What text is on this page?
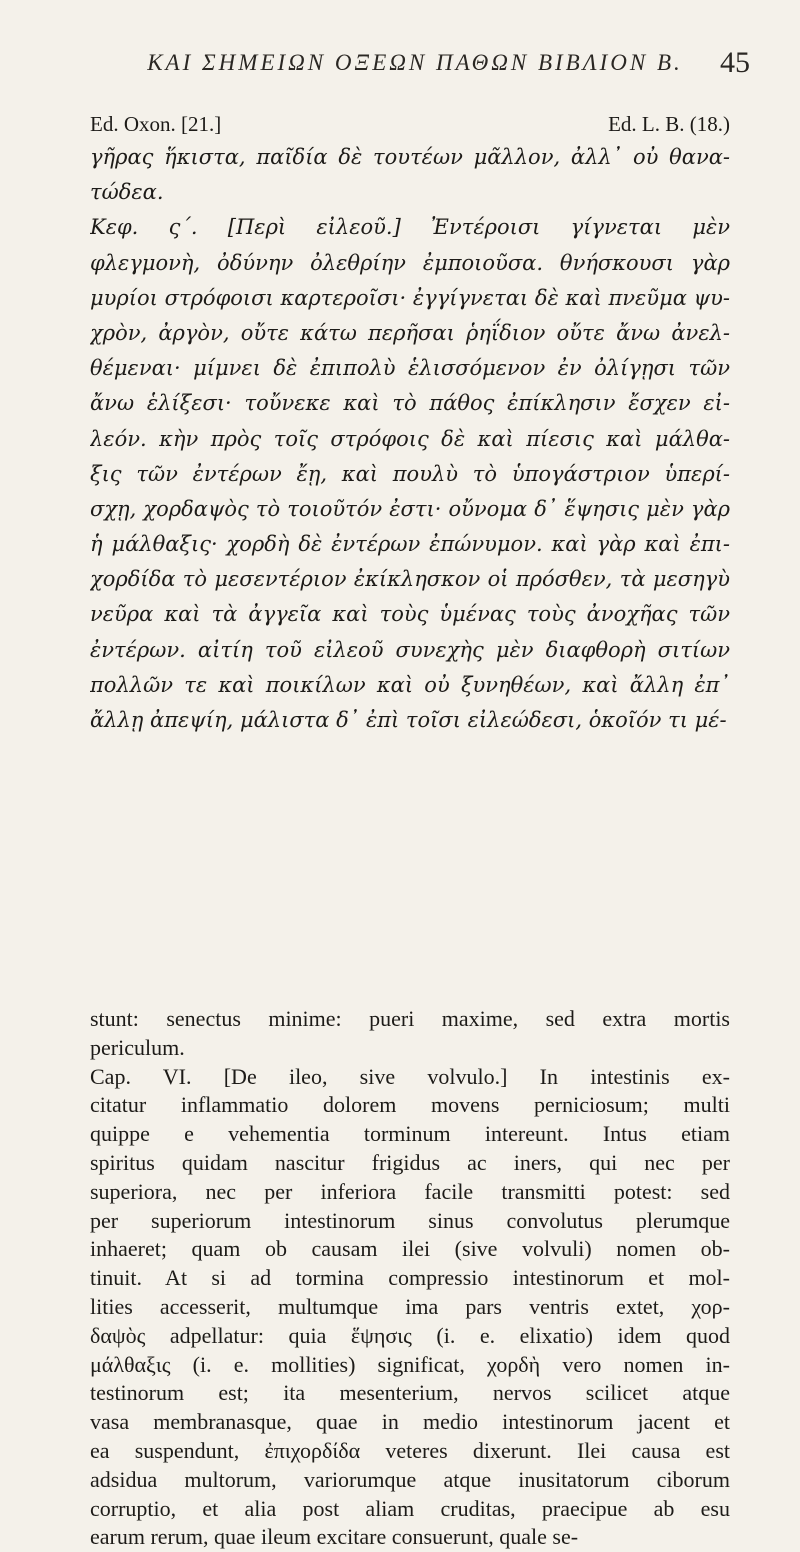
ΚΑΙ ΣΗΜΕΙΩΝ ΟΞΕΩΝ ΠΑΘΩΝ ΒΙΒΛΙΟΝ Β.	45
Ed. Oxon. [21.]	Ed. L. B. (18.)
γῆρας ἥκιστα, παῖδία δὲ τουτέων μᾶλλον, ἀλλ᾽ οὐ θανα-
τώδεα.
Κεφ. ς΄. [Περὶ εἰλεοῦ.] Ἐντέροισι γίγνεται μὲν
φλεγμονὴ, ὀδύνην ὀλεθρίην ἐμποιοῦσα. θνήσκουσι γὰρ
μυρίοι στρόφοισι καρτεροῖσι· ἐγγίγνεται δὲ καὶ πνεῦμα ψυ-
χρὸν, ἀργὸν, οὔτε κάτω περῆσαι ῥηΐδιον οὔτε ἄνω ἀνελ-
θέμεναι· μίμνει δὲ ἐπιπολὺ ἑλισσόμενον ἐν ὀλίγῃσι τῶν
ἄνω ἑλίξεσι· τοὔνεκε καὶ τὸ πάθος ἐπίκλησιν ἔσχεν εἰ-
λεόν. κὴν πρὸς τοῖς στρόφοις δὲ καὶ πίεσις καὶ μάλθα-
ξις τῶν ἐντέρων ἔῃ, καὶ πουλὺ τὸ ὑπογάστριον ὑπερί-
σχῃ, χορδαψὸς τὸ τοιοῦτόν ἐστι· οὔνομα δ᾽ ἕψησις μὲν γὰρ
ἡ μάλθαξις· χορδὴ δὲ ἐντέρων ἐπώνυμον. καὶ γὰρ καὶ ἐπι-
χορδίδα τὸ μεσεντέριον ἐκίκλησκον οἱ πρόσθεν, τὰ μεσηγὺ
νεῦρα καὶ τὰ ἀγγεῖα καὶ τοὺς ὑμένας τοὺς ἀνοχῆας τῶν
ἐντέρων. αἰτίη τοῦ εἰλεοῦ συνεχὴς μὲν διαφθορὴ σιτίων
πολλῶν τε καὶ ποικίλων καὶ οὐ ξυνηθέων, καὶ ἄλλη ἐπ᾽
ἄλλῃ ἀπεψίη, μάλιστα δ᾽ ἐπὶ τοῖσι εἰλεώδεσι, ὁκοῖόν τι μέ-
stunt: senectus minime: pueri maxime, sed extra mortis
periculum.
Cap. VI. [De ileo, sive volvulo.] In intestinis ex-
citatur inflammatio dolorem movens perniciosum; multi
quippe e vehementia torminum intereunt. Intus etiam
spiritus quidam nascitur frigidus ac iners, qui nec per
superiora, nec per inferiora facile transmitti potest: sed
per superiorum intestinorum sinus convolutus plerumque
inhaeret; quam ob causam ilei (sive volvuli) nomen ob-
tinuit. At si ad tormina compressio intestinorum et mol-
lities accesserit, multumque ima pars ventris extet, χορ-
δαψὸς adpellatur: quia ἕψησις (i. e. elixatio) idem quod
μάλθαξις (i. e. mollities) significat, χορδὴ vero nomen in-
testinorum est; ita mesenterium, nervos scilicet atque
vasa membranasque, quae in medio intestinorum jacent et
ea suspendunt, ἐπιχορδίδα veteres dixerunt. Ilei causa est
adsidua multorum, variorumque atque inusitatorum ciborum
corruptio, et alia post aliam cruditas, praecipue ab esu
earum rerum, quae ileum excitare consuerunt, quale se-
